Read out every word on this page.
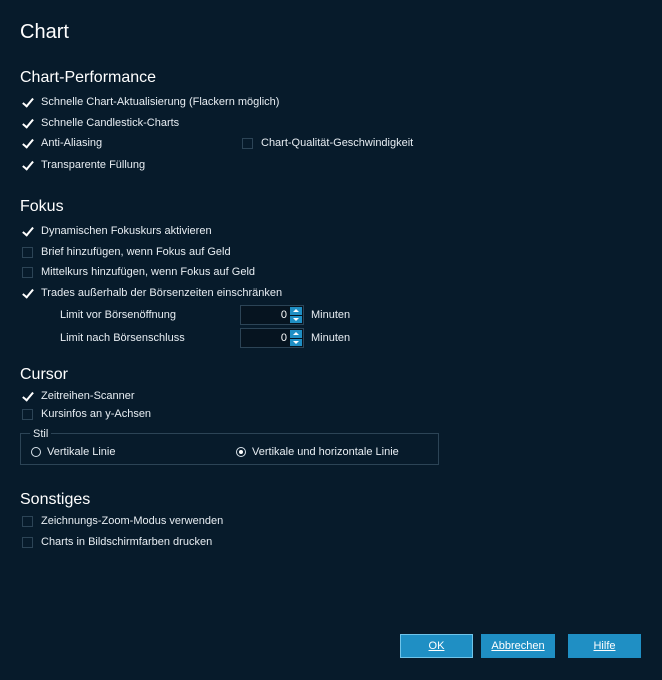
Chart
Chart-Performance
Schnelle Chart-Aktualisierung (Flackern möglich)
Schnelle Candlestick-Charts
Anti-Aliasing	Chart-Qualität-Geschwindigkeit
Transparente Füllung
Fokus
Dynamischen Fokuskurs aktivieren
Brief hinzufügen, wenn Fokus auf Geld
Mittelkurs hinzufügen, wenn Fokus auf Geld
Trades außerhalb der Börsenzeiten einschränken
Limit vor Börsenöffnung	0 Minuten
Limit nach Börsenschluss	0 Minuten
Cursor
Zeitreihen-Scanner
Kursinfos an y-Achsen
Stil
Vertikale Linie	Vertikale und horizontale Linie
Sonstiges
Zeichnungs-Zoom-Modus verwenden
Charts in Bildschirmfarben drucken
OK	Abbrechen	Hilfe
